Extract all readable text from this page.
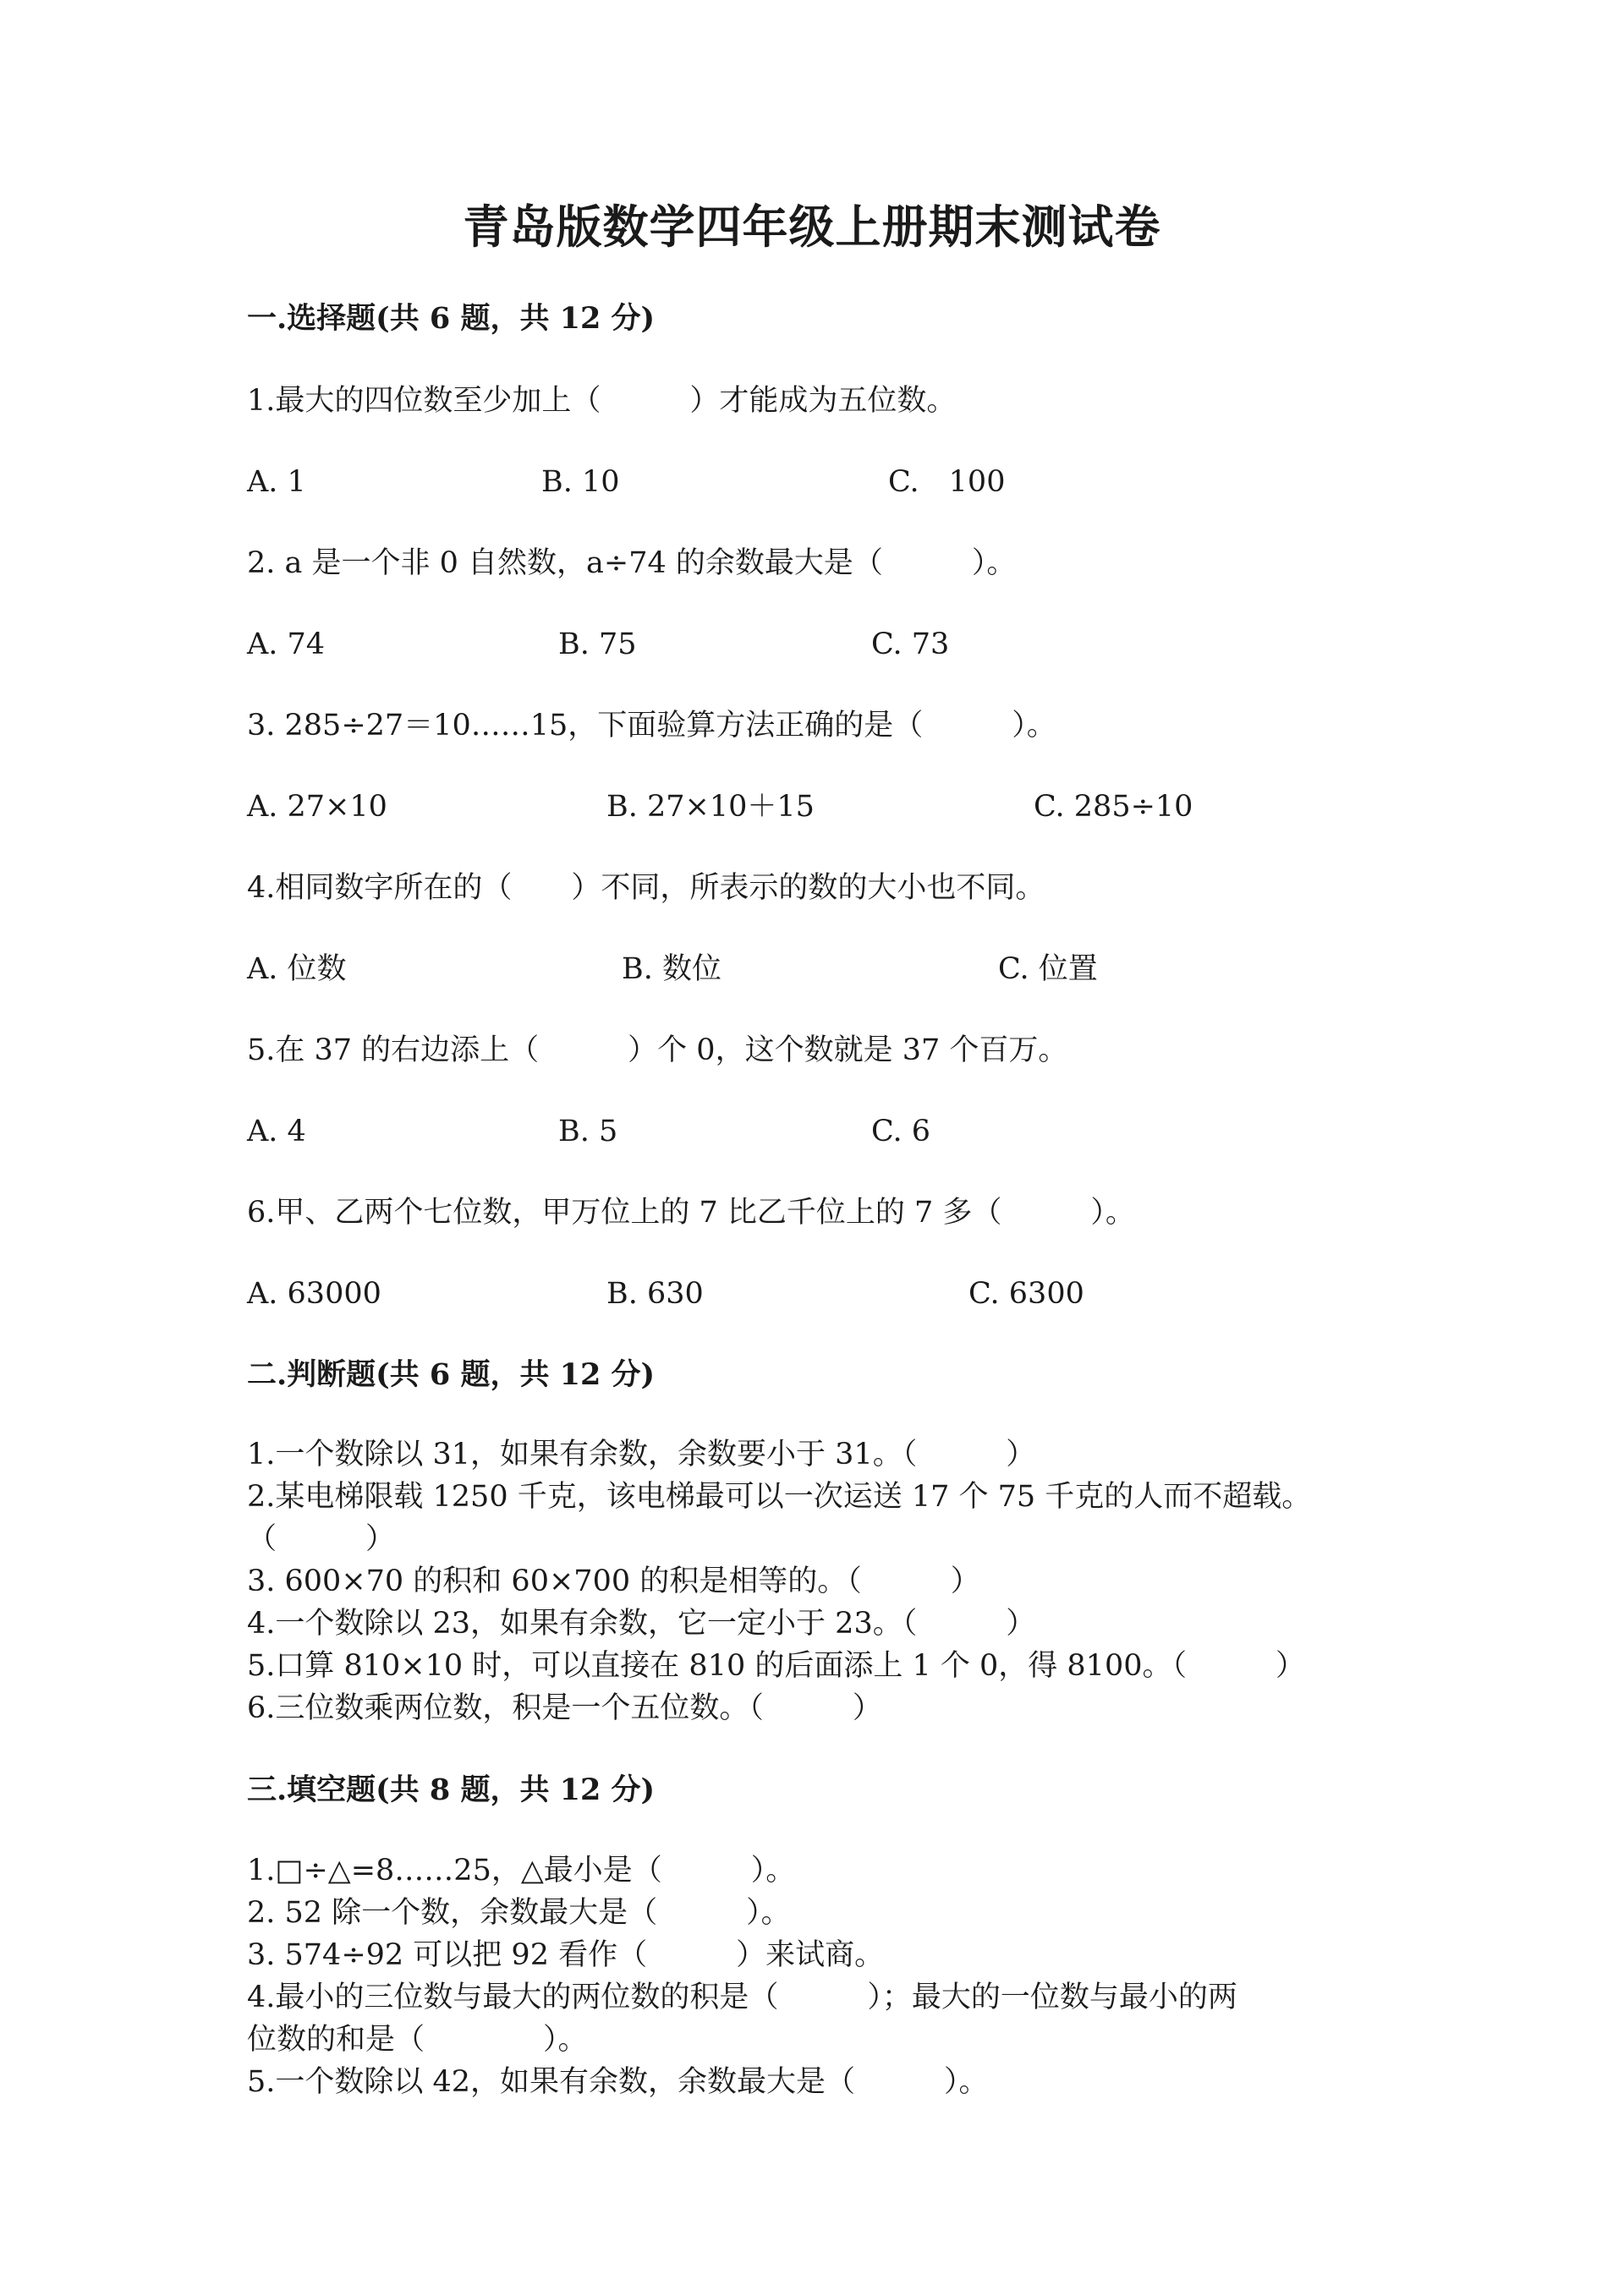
青岛版数学四年级上册期末测试卷
一.选择题(共 6 题，共 12 分)
1.最大的四位数至少加上（　　　）才能成为五位数。
A. 1	B. 10	C.　100
2. a 是一个非 0 自然数，a÷74 的余数最大是（　　　）。
A. 74	B. 75	C. 73
3. 285÷27＝10……15，下面验算方法正确的是（　　　）。
A. 27×10	B. 27×10＋15	C. 285÷10
4.相同数字所在的（　　）不同，所表示的数的大小也不同。
A. 位数	B. 数位	C. 位置
5.在 37 的右边添上（　　　）个 0，这个数就是 37 个百万。
A. 4	B. 5	C. 6
6.甲、乙两个七位数，甲万位上的 7 比乙千位上的 7 多（　　　）。
A. 63000	B. 630	C. 6300
二.判断题(共 6 题，共 12 分)
1.一个数除以 31，如果有余数，余数要小于 31。（　　　）
2.某电梯限载 1250 千克，该电梯最可以一次运送 17 个 75 千克的人而不超载。
（　　　）
3. 600×70 的积和 60×700 的积是相等的。（　　　）
4.一个数除以 23，如果有余数，它一定小于 23。（　　　）
5.口算 810×10 时，可以直接在 810 的后面添上 1 个 0，得 8100。（　　　）
6.三位数乘两位数，积是一个五位数。（　　　）
三.填空题(共 8 题，共 12 分)
1.□÷△=8……25，△最小是（　　　）。
2. 52 除一个数，余数最大是（　　　）。
3. 574÷92 可以把 92 看作（　　　）来试商。
4.最小的三位数与最大的两位数的积是（　　　）；最大的一位数与最小的两
位数的和是（　　　　）。
5.一个数除以 42，如果有余数，余数最大是（　　　）。
